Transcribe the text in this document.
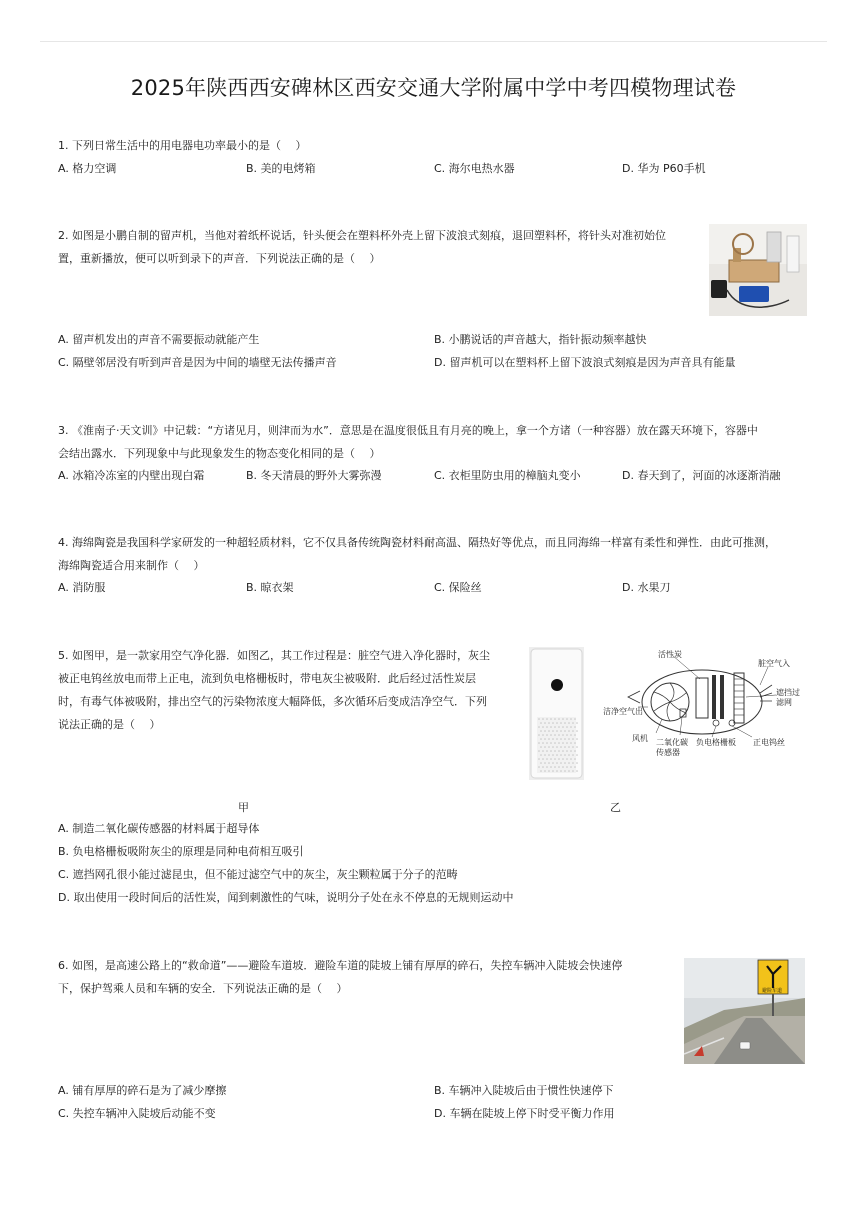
2025年陕西西安碑林区西安交通大学附属中学中考四模物理试卷
1. 下列日常生活中的用电器电功率最小的是（　 ）
A. 格力空调	B. 美的电烤箱	C. 海尔电热水器	D. 华为 P60手机
2. 如图是小鹏自制的留声机，当他对着纸杯说话，针头便会在塑料杯外壳上留下波浪式刻痕，退回塑料杯，将针头对准初始位
置，重新播放，便可以听到录下的声音．下列说法正确的是（　 ）
A. 留声机发出的声音不需要振动就能产生	B. 小鹏说话的声音越大，指针振动频率越快
C. 隔壁邻居没有听到声音是因为中间的墙壁无法传播声音	D. 留声机可以在塑料杯上留下波浪式刻痕是因为声音具有能量
3. 《淮南子·天文训》中记载：“方诸见月，则津而为水”．意思是在温度很低且有月亮的晚上，拿一个方诸（一种容器）放在露天环境下，容器中
会结出露水．下列现象中与此现象发生的物态变化相同的是（　 ）
A. 冰箱冷冻室的内壁出现白霜	B. 冬天清晨的野外大雾弥漫	C. 衣柜里防虫用的樟脑丸变小	D. 春天到了，河面的冰逐渐消融
4. 海绵陶瓷是我国科学家研发的一种超轻质材料，它不仅具备传统陶瓷材料耐高温、隔热好等优点，而且同海绵一样富有柔性和弹性．由此可推测，
海绵陶瓷适合用来制作（　 ）
A. 消防服	B. 晾衣架	C. 保险丝	D. 水果刀
5. 如图甲，是一款家用空气净化器．如图乙，其工作过程是：脏空气进入净化器时，灰尘
被正电钨丝放电而带上正电，流到负电格栅板时，带电灰尘被吸附．此后经过活性炭层
时，有毒气体被吸附，排出空气的污染物浓度大幅降低，多次循环后变成洁净空气．下列
说法正确的是（　 ）
活性炭
脏空气入
遮挡过
滤网
洁净空气出
二氧化碳
传感器
风机	负电格栅板 正电钨丝
甲	乙
A. 制造二氧化碳传感器的材料属于超导体
B. 负电格栅板吸附灰尘的原理是同种电荷相互吸引
C. 遮挡网孔很小能过滤昆虫，但不能过滤空气中的灰尘，灰尘颗粒属于分子的范畴
D. 取出使用一段时间后的活性炭，闻到刺激性的气味，说明分子处在永不停息的无规则运动中
6. 如图，是高速公路上的“救命道”——避险车道坡．避险车道的陡坡上铺有厚厚的碎石，失控车辆冲入陡坡会快速停
下，保护驾乘人员和车辆的安全．下列说法正确的是（　 ）	避险车道
A. 铺有厚厚的碎石是为了减少摩擦	B. 车辆冲入陡坡后由于惯性快速停下
C. 失控车辆冲入陡坡后动能不变	D. 车辆在陡坡上停下时受平衡力作用
